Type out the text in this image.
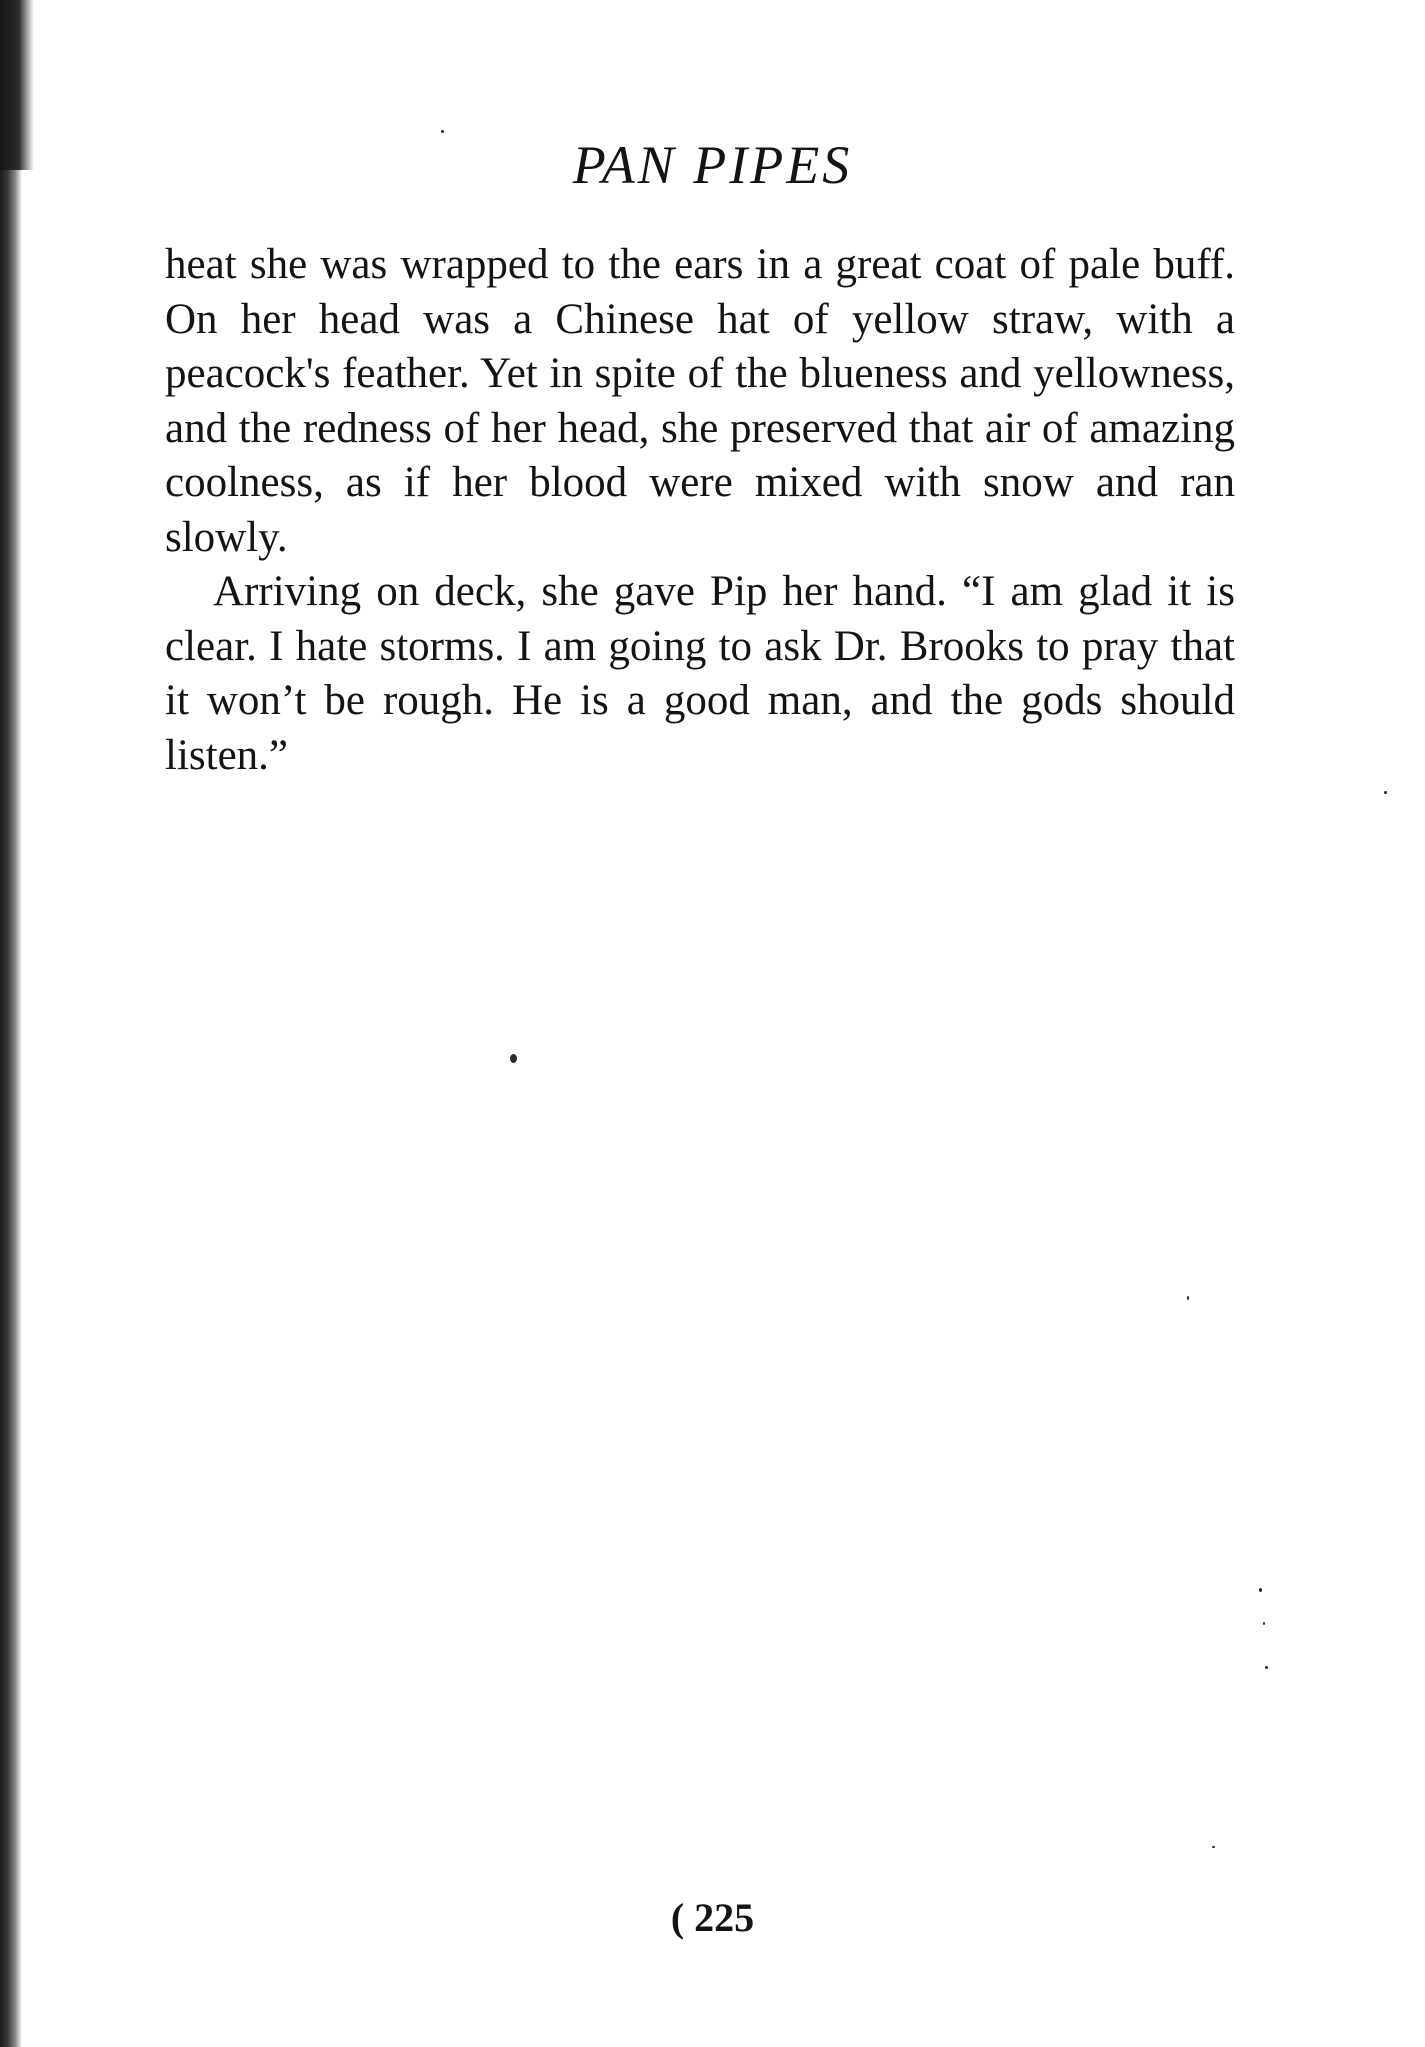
PAN PIPES

heat she was wrapped to the ears in a great coat of pale buff. On her head was a Chinese hat of yellow straw, with a peacock's feather. Yet in spite of the blueness and yellowness, and the redness of her head, she preserved that air of amazing coolness, as if her blood were mixed with snow and ran slowly.

Arriving on deck, she gave Pip her hand. “I am glad it is clear. I hate storms. I am going to ask Dr. Brooks to pray that it won’t be rough. He is a good man, and the gods should listen.”

( 225
